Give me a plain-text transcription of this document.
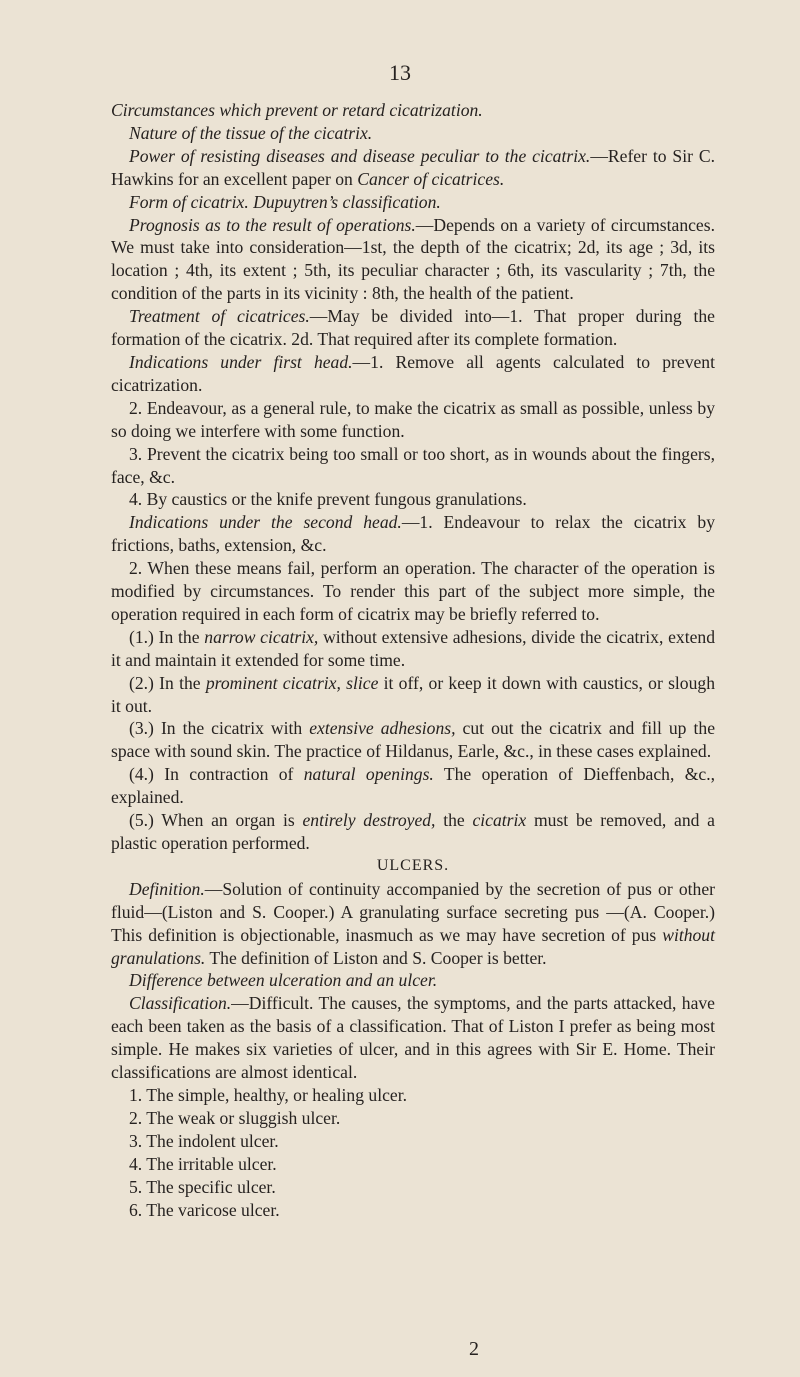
13

Circumstances which prevent or retard cicatrization.

Nature of the tissue of the cicatrix.

Power of resisting diseases and disease peculiar to the cicatrix.—Refer to Sir C. Hawkins for an excellent paper on Cancer of cicatrices.

Form of cicatrix. Dupuytren’s classification.

Prognosis as to the result of operations.—Depends on a variety of circumstances. We must take into consideration—1st, the depth of the cicatrix; 2d, its age ; 3d, its location ; 4th, its extent ; 5th, its peculiar character ; 6th, its vascularity ; 7th, the condition of the parts in its vicinity : 8th, the health of the patient.

Treatment of cicatrices.—May be divided into—1. That proper during the formation of the cicatrix. 2d. That required after its complete formation.

Indications under first head.—1. Remove all agents calculated to prevent cicatrization.

2. Endeavour, as a general rule, to make the cicatrix as small as possible, unless by so doing we interfere with some function.

3. Prevent the cicatrix being too small or too short, as in wounds about the fingers, face, &c.

4. By caustics or the knife prevent fungous granulations.

Indications under the second head.—1. Endeavour to relax the cicatrix by frictions, baths, extension, &c.

2. When these means fail, perform an operation. The character of the operation is modified by circumstances. To render this part of the subject more simple, the operation required in each form of cicatrix may be briefly referred to.

(1.) In the narrow cicatrix, without extensive adhesions, divide the cicatrix, extend it and maintain it extended for some time.

(2.) In the prominent cicatrix, slice it off, or keep it down with caustics, or slough it out.

(3.) In the cicatrix with extensive adhesions, cut out the cicatrix and fill up the space with sound skin. The practice of Hildanus, Earle, &c., in these cases explained.

(4.) In contraction of natural openings. The operation of Dieffenbach, &c., explained.

(5.) When an organ is entirely destroyed, the cicatrix must be removed, and a plastic operation performed.

ULCERS.

Definition.—Solution of continuity accompanied by the secretion of pus or other fluid—(Liston and S. Cooper.) A granulating surface secreting pus —(A. Cooper.) This definition is objectionable, inasmuch as we may have secretion of pus without granulations. The definition of Liston and S. Cooper is better.

Difference between ulceration and an ulcer.

Classification.—Difficult. The causes, the symptoms, and the parts attacked, have each been taken as the basis of a classification. That of Liston I prefer as being most simple. He makes six varieties of ulcer, and in this agrees with Sir E. Home. Their classifications are almost identical.

1. The simple, healthy, or healing ulcer.

2. The weak or sluggish ulcer.

3. The indolent ulcer.

4. The irritable ulcer.

5. The specific ulcer.

6. The varicose ulcer.

2
